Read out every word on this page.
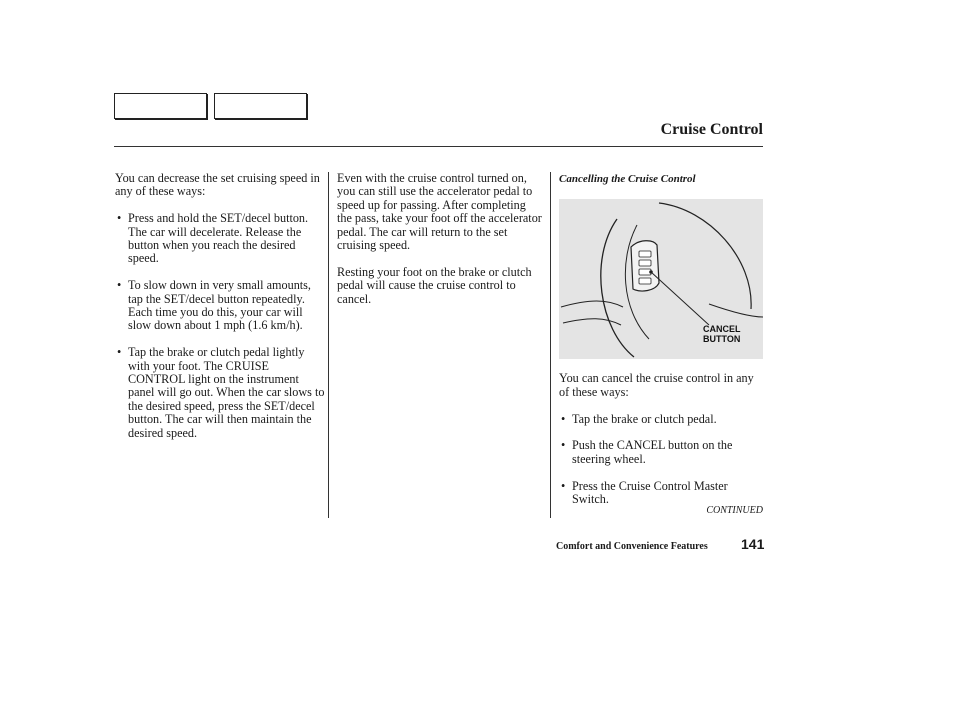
Cruise Control

You can decrease the set cruising speed in any of these ways:

• Press and hold the SET/decel button. The car will decelerate. Release the button when you reach the desired speed.
• To slow down in very small amounts, tap the SET/decel button repeatedly. Each time you do this, your car will slow down about 1 mph (1.6 km/h).
• Tap the brake or clutch pedal lightly with your foot. The CRUISE CONTROL light on the instrument panel will go out. When the car slows to the desired speed, press the SET/decel button. The car will then maintain the desired speed.

Even with the cruise control turned on, you can still use the accelerator pedal to speed up for passing. After completing the pass, take your foot off the accelerator pedal. The car will return to the set cruising speed.

Resting your foot on the brake or clutch pedal will cause the cruise control to cancel.

Cancelling the Cruise Control

CANCEL
BUTTON

You can cancel the cruise control in any of these ways:

• Tap the brake or clutch pedal.
• Push the CANCEL button on the steering wheel.
• Press the Cruise Control Master Switch.

CONTINUED

Comfort and Convenience Features 141
